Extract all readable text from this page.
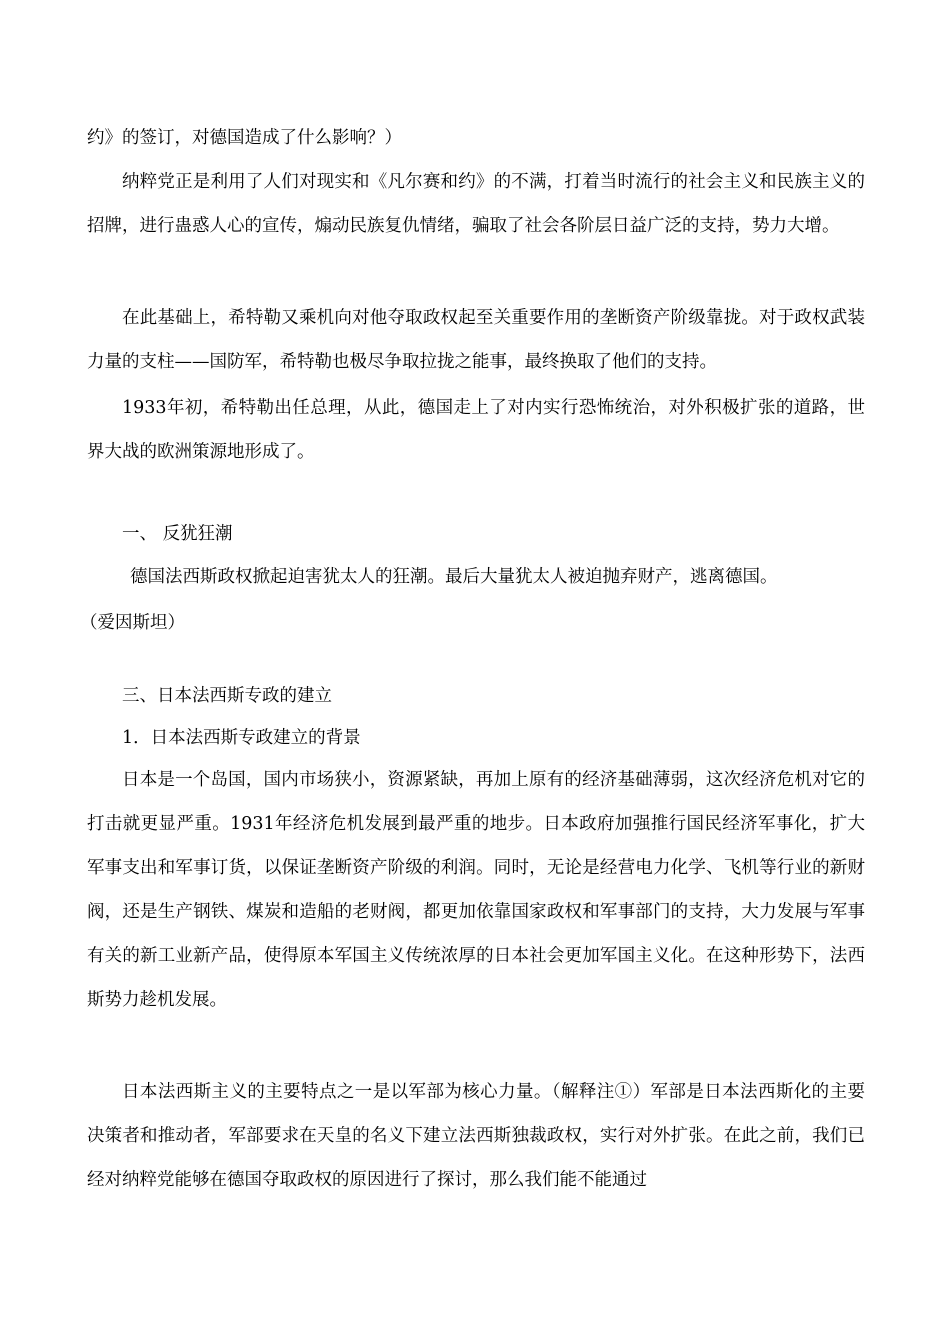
约》的签订，对德国造成了什么影响？）

纳粹党正是利用了人们对现实和《凡尔赛和约》的不满，打着当时流行的社会主义和民族主义的招牌，进行蛊惑人心的宣传，煽动民族复仇情绪，骗取了社会各阶层日益广泛的支持，势力大增。

在此基础上，希特勒又乘机向对他夺取政权起至关重要作用的垄断资产阶级靠拢。对于政权武装力量的支柱——国防军，希特勒也极尽争取拉拢之能事，最终换取了他们的支持。

1933年初，希特勒出任总理，从此，德国走上了对内实行恐怖统治，对外积极扩张的道路，世界大战的欧洲策源地形成了。

一、 反犹狂潮

德国法西斯政权掀起迫害犹太人的狂潮。最后大量犹太人被迫抛弃财产，逃离德国。

（爱因斯坦）

三、日本法西斯专政的建立

1．日本法西斯专政建立的背景

日本是一个岛国，国内市场狭小，资源紧缺，再加上原有的经济基础薄弱，这次经济危机对它的打击就更显严重。1931年经济危机发展到最严重的地步。日本政府加强推行国民经济军事化，扩大军事支出和军事订货，以保证垄断资产阶级的利润。同时，无论是经营电力化学、飞机等行业的新财阀，还是生产钢铁、煤炭和造船的老财阀，都更加依靠国家政权和军事部门的支持，大力发展与军事有关的新工业新产品，使得原本军国主义传统浓厚的日本社会更加军国主义化。在这种形势下，法西斯势力趁机发展。

日本法西斯主义的主要特点之一是以军部为核心力量。（解释注①）军部是日本法西斯化的主要决策者和推动者，军部要求在天皇的名义下建立法西斯独裁政权，实行对外扩张。在此之前，我们已经对纳粹党能够在德国夺取政权的原因进行了探讨，那么我们能不能通过
